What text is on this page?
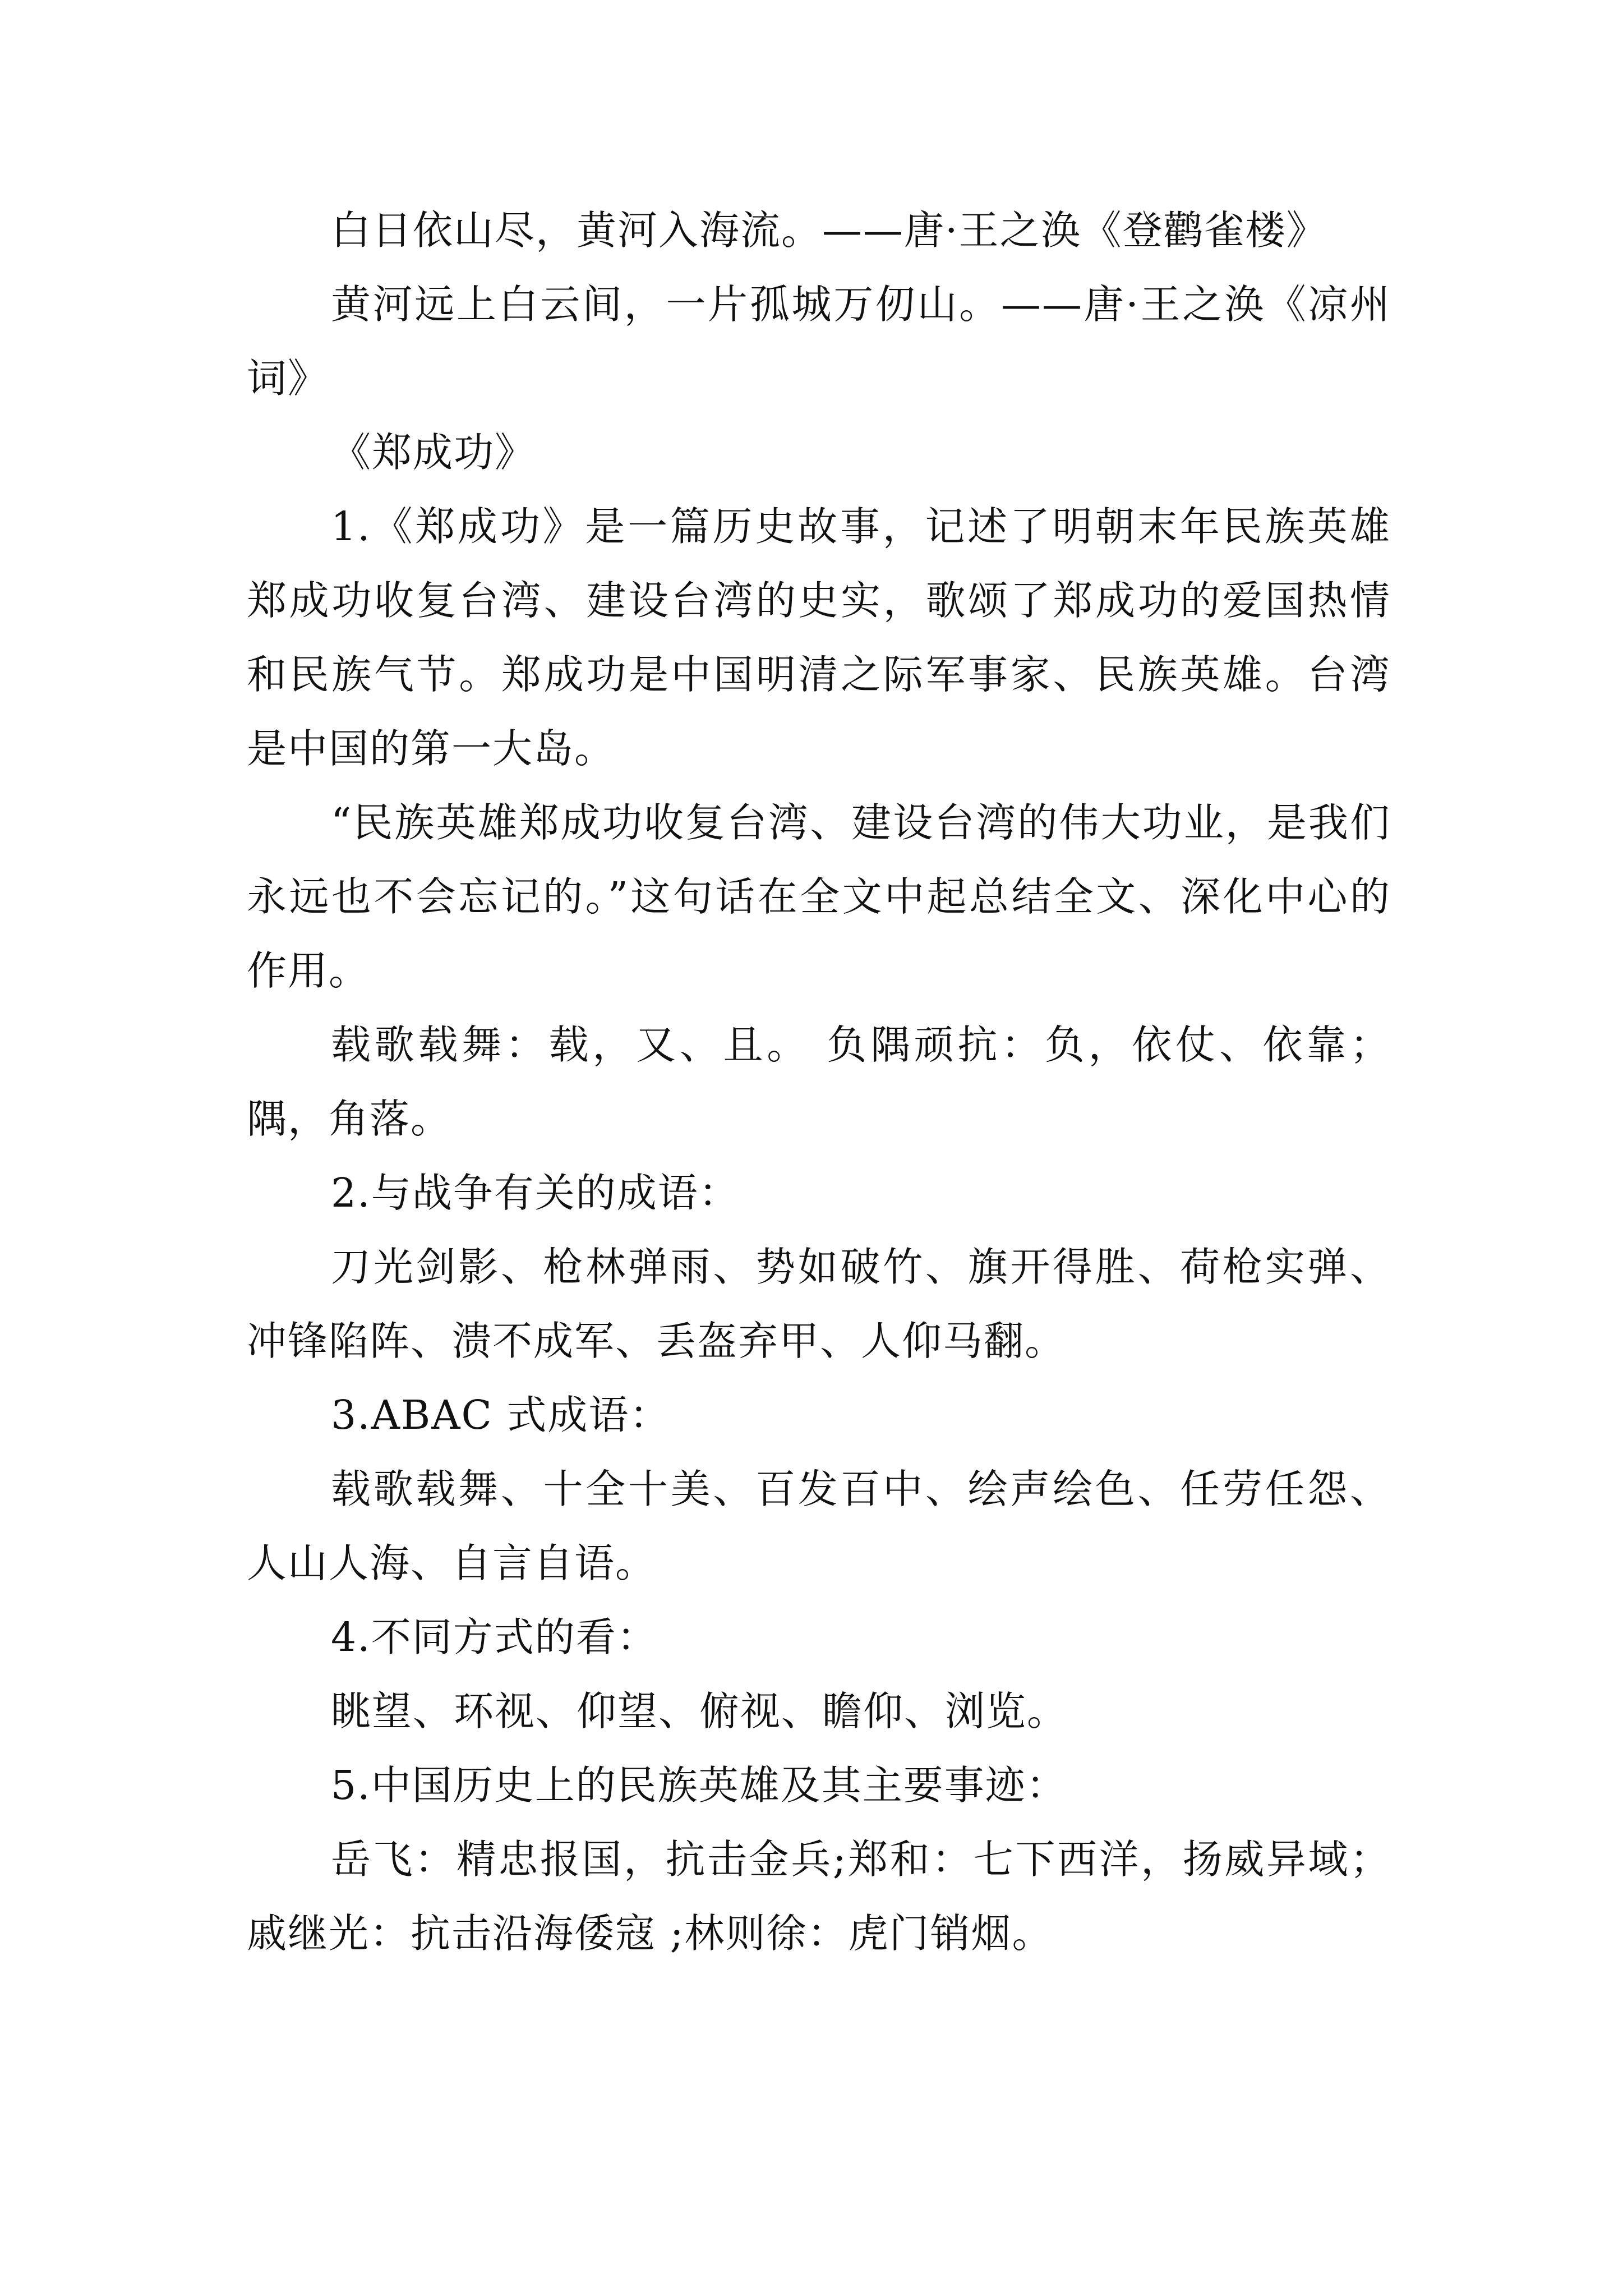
白日依山尽，黄河入海流。——唐·王之涣《登鹳雀楼》

黄河远上白云间，一片孤城万仞山。——唐·王之涣《凉州词》

《郑成功》

1.《郑成功》是一篇历史故事，记述了明朝末年民族英雄郑成功收复台湾、建设台湾的史实，歌颂了郑成功的爱国热情和民族气节。郑成功是中国明清之际军事家、民族英雄。台湾是中国的第一大岛。

“民族英雄郑成功收复台湾、建设台湾的伟大功业，是我们永远也不会忘记的。”这句话在全文中起总结全文、深化中心的作用。

载歌载舞：载，又、且。 负隅顽抗：负，依仗、依靠；隅，角落。

2.与战争有关的成语：

刀光剑影、枪林弹雨、势如破竹、旗开得胜、荷枪实弹、冲锋陷阵、溃不成军、丢盔弃甲、人仰马翻。

3.ABAC 式成语：

载歌载舞、十全十美、百发百中、绘声绘色、任劳任怨、人山人海、自言自语。

4.不同方式的看：

眺望、环视、仰望、俯视、瞻仰、浏览。

5.中国历史上的民族英雄及其主要事迹：

岳飞：精忠报国，抗击金兵;郑和：七下西洋，扬威异域；戚继光：抗击沿海倭寇 ;林则徐：虎门销烟。
